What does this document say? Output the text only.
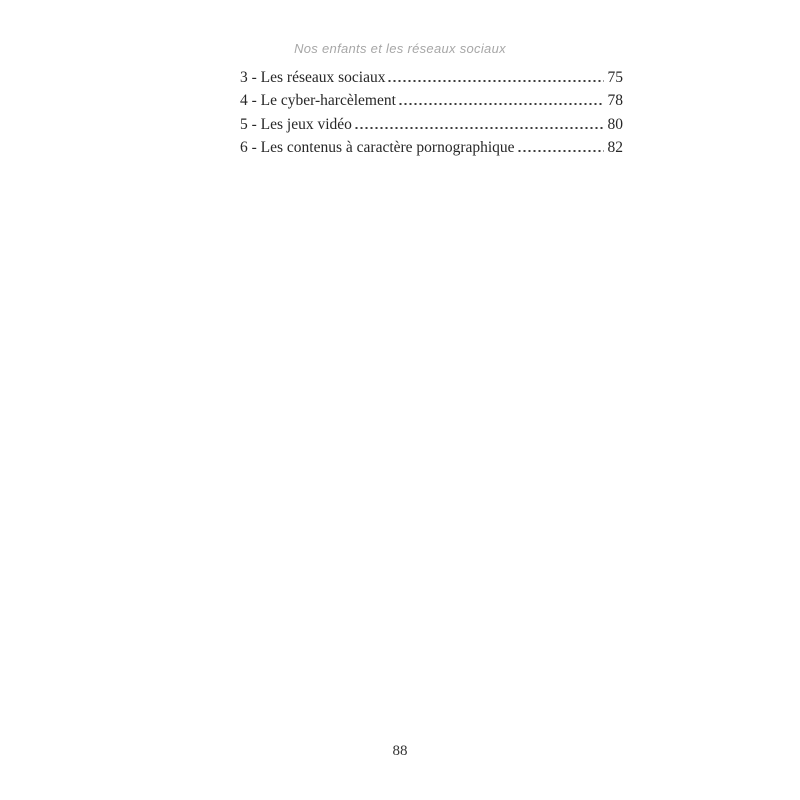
Nos enfants et les réseaux sociaux
3 - Les réseaux sociaux	75
4 - Le cyber-harcèlement	78
5 - Les jeux vidéo	80
6 - Les contenus à caractère pornographique	82
88
